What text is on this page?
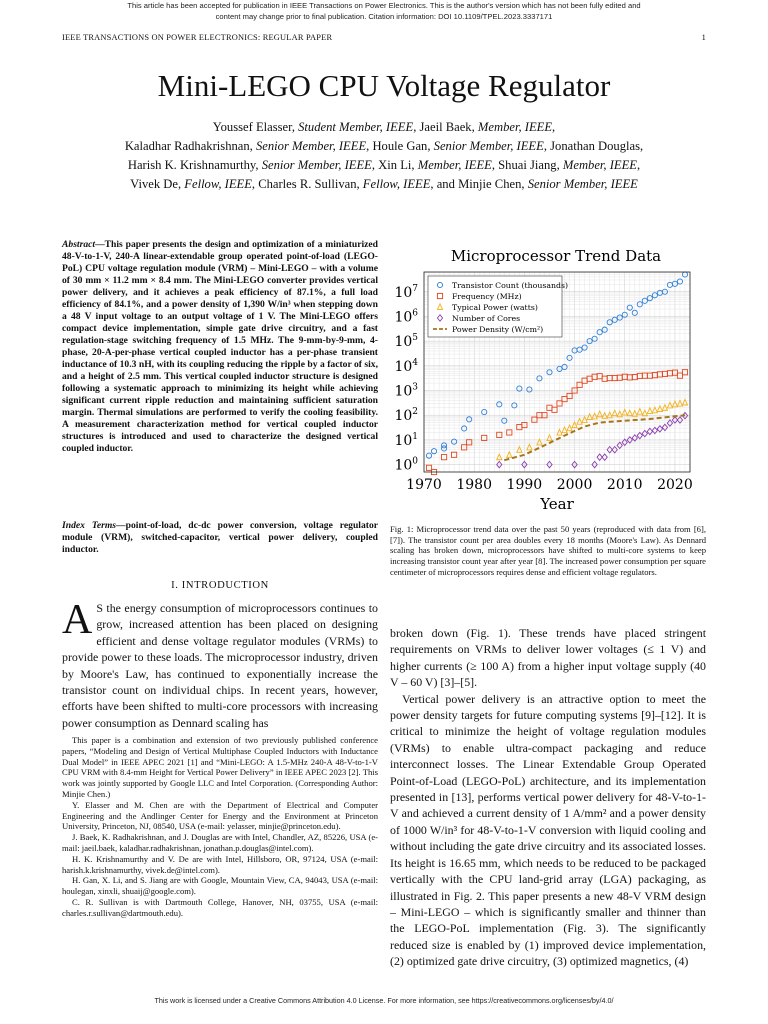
This article has been accepted for publication in IEEE Transactions on Power Electronics. This is the author's version which has not been fully edited and
content may change prior to final publication. Citation information: DOI 10.1109/TPEL.2023.3337171
IEEE TRANSACTIONS ON POWER ELECTRONICS: REGULAR PAPER	1
Mini-LEGO CPU Voltage Regulator
Youssef Elasser, Student Member, IEEE, Jaeil Baek, Member, IEEE,
Kaladhar Radhakrishnan, Senior Member, IEEE, Houle Gan, Senior Member, IEEE, Jonathan Douglas,
Harish K. Krishnamurthy, Senior Member, IEEE, Xin Li, Member, IEEE, Shuai Jiang, Member, IEEE,
Vivek De, Fellow, IEEE, Charles R. Sullivan, Fellow, IEEE, and Minjie Chen, Senior Member, IEEE
Abstract—This paper presents the design and optimization of a miniaturized 48-V-to-1-V, 240-A linear-extendable group operated point-of-load (LEGO-PoL) CPU voltage regulation module (VRM) – Mini-LEGO – with a volume of 30 mm × 11.2 mm × 8.4 mm. The Mini-LEGO converter provides vertical power delivery, and it achieves a peak efficiency of 87.1%, a full load efficiency of 84.1%, and a power density of 1,390 W/in³ when stepping down a 48 V input voltage to an output voltage of 1 V. The Mini-LEGO offers compact device implementation, simple gate drive circuitry, and a fast regulation-stage switching frequency of 1.5 MHz. The 9-mm-by-9-mm, 4-phase, 20-A-per-phase vertical coupled inductor has a per-phase transient inductance of 10.3 nH, with its coupling reducing the ripple by a factor of six, and a height of 2.5 mm. This vertical coupled inductor structure is designed following a systematic approach to minimizing its height while achieving significant current ripple reduction and maintaining sufficient saturation margin. Thermal simulations are performed to verify the cooling feasibility. A measurement characterization method for vertical coupled inductor structures is introduced and used to characterize the designed vertical coupled inductor.
Index Terms—point-of-load, dc-dc power conversion, voltage regulator module (VRM), switched-capacitor, vertical power delivery, coupled inductor.
I. INTRODUCTION
A S the energy consumption of microprocessors continues to grow, increased attention has been placed on designing efficient and dense voltage regulator modules (VRMs) to provide power to these loads. The microprocessor industry, driven by Moore's Law, has continued to exponentially increase the transistor count on individual chips. In recent years, however, efforts have been shifted to multi-core processors with increasing power consumption as Dennard scaling has

This paper is a combination and extension of two previously published conference papers, “Modeling and Design of Vertical Multiphase Coupled Inductors with Inductance Dual Model” in IEEE APEC 2021 [1] and “Mini-LEGO: A 1.5-MHz 240-A 48-V-to-1-V CPU VRM with 8.4-mm Height for Vertical Power Delivery” in IEEE APEC 2023 [2]. This work was jointly supported by Google LLC and Intel Corporation. (Corresponding Author: Minjie Chen.)

Y. Elasser and M. Chen are with the Department of Electrical and Computer Engineering and the Andlinger Center for Energy and the Environment at Princeton University, Princeton, NJ, 08540, USA (e-mail: yelasser, minjie@princeton.edu).

J. Baek, K. Radhakrishnan, and J. Douglas are with Intel, Chandler, AZ, 85226, USA (e-mail: jaeil.baek, kaladhar.radhakrishnan, jonathan.p.douglas@intel.com).

H. K. Krishnamurthy and V. De are with Intel, Hillsboro, OR, 97124, USA (e-mail: harish.k.krishnamurthy, vivek.de@intel.com).

H. Gan, X. Li, and S. Jiang are with Google, Mountain View, CA, 94043, USA (e-mail: houlegan, xinxli, shuaij@google.com).

C. R. Sullivan is with Dartmouth College, Hanover, NH, 03755, USA (e-mail: charles.r.sullivan@dartmouth.edu).

Microprocessor Trend Data
$10^0$
$10^1$
$10^2$
$10^3$
$10^4$
$10^5$
$10^6$
$10^7$
1970 1980 1990 2000 2010 2020
Transistor Count (thousands)
Frequency (MHz)
Typical Power (watts)
Number of Cores
Power Density (W/cm²)
Year
Fig. 1: Microprocessor trend data over the past 50 years (reproduced with data from [6], [7]). The transistor count per area doubles every 18 months (Moore's Law). As Dennard scaling has broken down, microprocessors have shifted to multi-core systems to keep increasing transistor count year after year [8]. The increased power consumption per square centimeter of microprocessors requires dense and efficient voltage regulators.

broken down (Fig. 1). These trends have placed stringent requirements on VRMs to deliver lower voltages (≤ 1 V) and higher currents (≥ 100 A) from a higher input voltage supply (40 V – 60 V) [3]–[5].

Vertical power delivery is an attractive option to meet the power density targets for future computing systems [9]–[12]. It is critical to minimize the height of voltage regulation modules (VRMs) to enable ultra-compact packaging and reduce interconnect losses. The Linear Extendable Group Operated Point-of-Load (LEGO-PoL) architecture, and its implementation presented in [13], performs vertical power delivery for 48-V-to-1-V and achieved a current density of 1 A/mm² and a power density of 1000 W/in³ for 48-V-to-1-V conversion with liquid cooling and without including the gate drive circuitry and its associated losses. Its height is 16.65 mm, which needs to be reduced to be packaged vertically with the CPU land-grid array (LGA) packaging, as illustrated in Fig. 2. This paper presents a new 48-V VRM design – Mini-LEGO – which is significantly smaller and thinner than the LEGO-PoL implementation (Fig. 3). The significantly reduced size is enabled by (1) improved device implementation, (2) optimized gate drive circuitry, (3) optimized magnetics, (4)

This work is licensed under a Creative Commons Attribution 4.0 License. For more information, see https://creativecommons.org/licenses/by/4.0/
